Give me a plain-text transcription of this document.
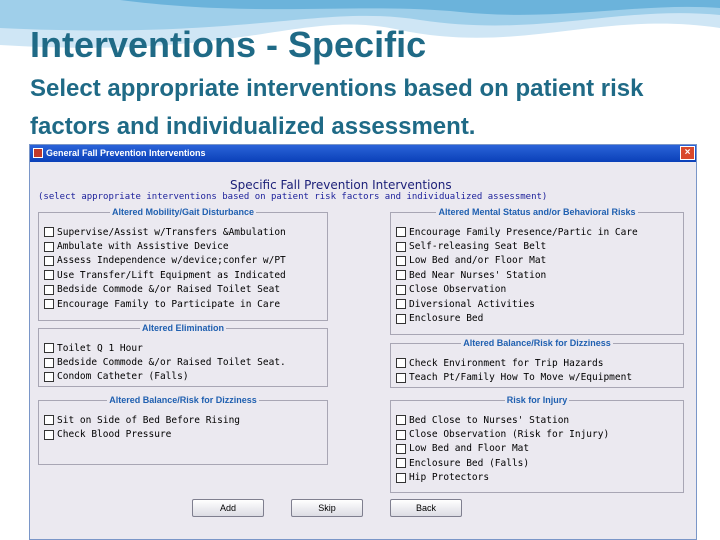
Interventions - Specific
Select appropriate interventions based on patient risk factors and individualized assessment.
General Fall Prevention Interventions	×
Specific Fall Prevention Interventions
(select appropriate interventions based on patient risk factors and individualized assessment)
Altered Mobility/Gait Disturbance
Supervise/Assist w/Transfers &Ambulation
Ambulate with Assistive Device
Assess Independence w/device;confer w/PT
Use Transfer/Lift Equipment as Indicated
Bedside Commode &/or Raised Toilet Seat
Encourage Family to Participate in Care
Altered Mental Status and/or Behavioral Risks
Encourage Family Presence/Partic in Care
Self-releasing Seat Belt
Low Bed and/or Floor Mat
Bed Near Nurses' Station
Close Observation
Diversional Activities
Enclosure Bed
Altered Elimination
Toilet Q 1 Hour
Bedside Commode &/or Raised Toilet Seat.
Condom Catheter (Falls)
Altered Balance/Risk for Dizziness
Check Environment for Trip Hazards
Teach Pt/Family How To Move w/Equipment
Altered Balance/Risk for Dizziness
Sit on Side of Bed Before Rising
Check Blood Pressure
Risk for Injury
Bed Close to Nurses' Station
Close Observation (Risk for Injury)
Low Bed and Floor Mat
Enclosure Bed (Falls)
Hip Protectors
Add	Skip	Back
